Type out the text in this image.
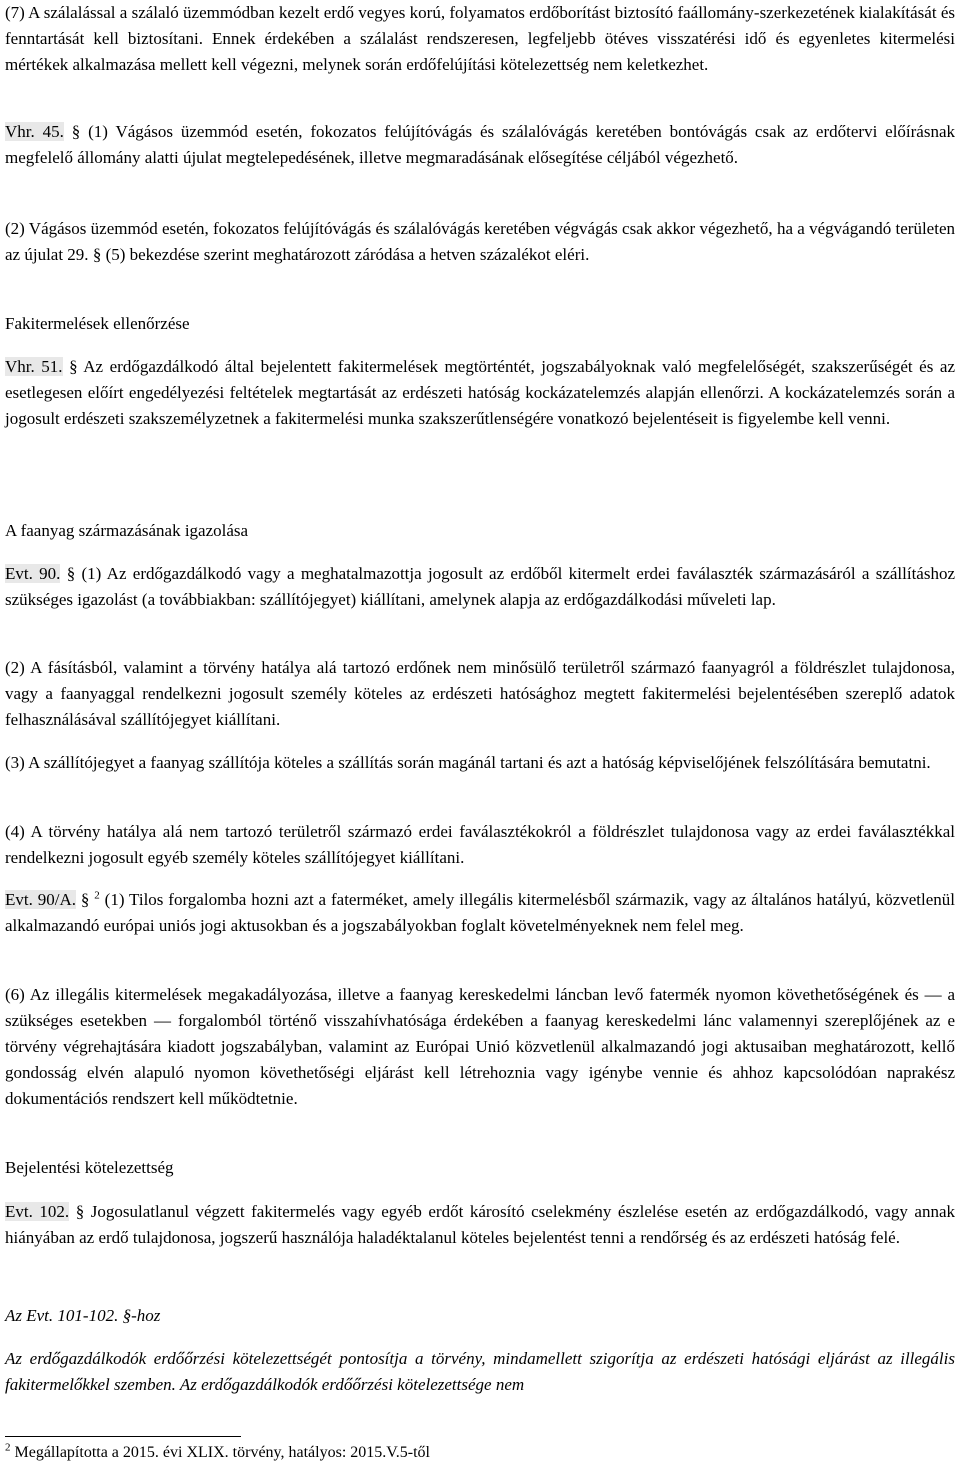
(7) A szálalással a szálaló üzemmódban kezelt erdő vegyes korú, folyamatos erdőborítást biztosító faállomány-szerkezetének kialakítását és fenntartását kell biztosítani. Ennek érdekében a szálalást rendszeresen, legfeljebb ötéves visszatérési idő és egyenletes kitermelési mértékek alkalmazása mellett kell végezni, melynek során erdőfelújítási kötelezettség nem keletkezhet.

Vhr. 45. § (1) Vágásos üzemmód esetén, fokozatos felújítóvágás és szálalóvágás keretében bontóvágás csak az erdőtervi előírásnak megfelelő állomány alatti újulat megtelepedésének, illetve megmaradásának elősegítése céljából végezhető.

(2) Vágásos üzemmód esetén, fokozatos felújítóvágás és szálalóvágás keretében végvágás csak akkor végezhető, ha a végvágandó területen az újulat 29. § (5) bekezdése szerint meghatározott záródása a hetven százalékot eléri.

Fakitermelések ellenőrzése

Vhr. 51. § Az erdőgazdálkodó által bejelentett fakitermelések megtörténtét, jogszabályoknak való megfelelőségét, szakszerűségét és az esetlegesen előírt engedélyezési feltételek megtartását az erdészeti hatóság kockázatelemzés alapján ellenőrzi. A kockázatelemzés során a jogosult erdészeti szakszemélyzetnek a fakitermelési munka szakszerűtlenségére vonatkozó bejelentéseit is figyelembe kell venni.

A faanyag származásának igazolása

Evt. 90. § (1) Az erdőgazdálkodó vagy a meghatalmazottja jogosult az erdőből kitermelt erdei faválaszték származásáról a szállításhoz szükséges igazolást (a továbbiakban: szállítójegyet) kiállítani, amelynek alapja az erdőgazdálkodási műveleti lap.

(2) A fásításból, valamint a törvény hatálya alá tartozó erdőnek nem minősülő területről származó faanyagról a földrészlet tulajdonosa, vagy a faanyaggal rendelkezni jogosult személy köteles az erdészeti hatósághoz megtett fakitermelési bejelentésében szereplő adatok felhasználásával szállítójegyet kiállítani.

(3) A szállítójegyet a faanyag szállítója köteles a szállítás során magánál tartani és azt a hatóság képviselőjének felszólítására bemutatni.

(4) A törvény hatálya alá nem tartozó területről származó erdei faválasztékokról a földrészlet tulajdonosa vagy az erdei faválasztékkal rendelkezni jogosult egyéb személy köteles szállítójegyet kiállítani.

Evt. 90/A. § $^2$ (1) Tilos forgalomba hozni azt a faterméket, amely illegális kitermelésből származik, vagy az általános hatályú, közvetlenül alkalmazandó európai uniós jogi aktusokban és a jogszabályokban foglalt követelményeknek nem felel meg.

(6) Az illegális kitermelések megakadályozása, illetve a faanyag kereskedelmi láncban levő fatermék nyomon követhetőségének és — a szükséges esetekben — forgalomból történő visszahívhatósága érdekében a faanyag kereskedelmi lánc valamennyi szereplőjének az e törvény végrehajtására kiadott jogszabályban, valamint az Európai Unió közvetlenül alkalmazandó jogi aktusaiban meghatározott, kellő gondosság elvén alapuló nyomon követhetőségi eljárást kell létrehoznia vagy igénybe vennie és ahhoz kapcsolódóan naprakész dokumentációs rendszert kell működtetnie.

Bejelentési kötelezettség

Evt. 102. § Jogosulatlanul végzett fakitermelés vagy egyéb erdőt károsító cselekmény észlelése esetén az erdőgazdálkodó, vagy annak hiányában az erdő tulajdonosa, jogszerű használója haladéktalanul köteles bejelentést tenni a rendőrség és az erdészeti hatóság felé.

Az Evt. 101-102. §-hoz

Az erdőgazdálkodók erdőőrzési kötelezettségét pontosítja a törvény, mindamellett szigorítja az erdészeti hatósági eljárást az illegális fakitermelőkkel szemben. Az erdőgazdálkodók erdőőrzési kötelezettsége nem

$^2$ Megállapította a 2015. évi XLIX. törvény, hatályos: 2015.V.5-től
